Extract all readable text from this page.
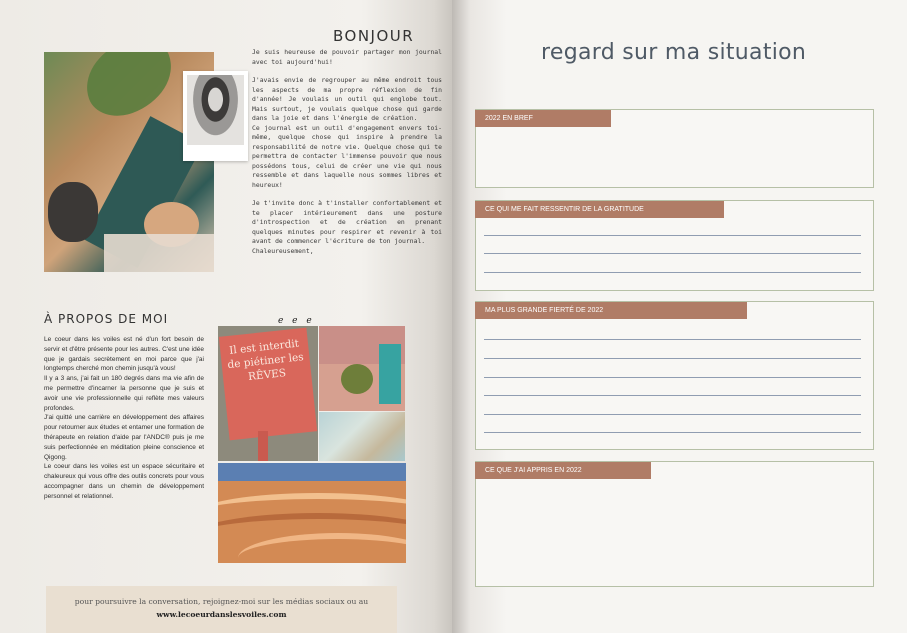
BONJOUR

Je suis heureuse de pouvoir partager mon journal avec toi aujourd'hui!

J'avais envie de regrouper au même endroit tous les aspects de ma propre réflexion de fin d'année! Je voulais un outil qui englobe tout. Mais surtout, je voulais quelque chose qui garde dans la joie et dans l'énergie de création.

Ce journal est un outil d'engagement envers toi-même, quelque chose qui inspire à prendre la responsabilité de notre vie. Quelque chose qui te permettra de contacter l'immense pouvoir que nous possédons tous, celui de créer une vie qui nous ressemble et dans laquelle nous sommes libres et heureux!

Je t'invite donc à t'installer confortablement et te placer intérieurement dans une posture d'introspection et de création en prenant quelques minutes pour respirer et revenir à toi avant de commencer l'écriture de ton journal.

Chaleureusement,

e e e
À PROPOS DE MOI

Le coeur dans les voiles est né d'un fort besoin de servir et d'être présente pour les autres. C'est une idée que je gardais secrètement en moi parce que j'ai longtemps cherché mon chemin jusqu'à vous!

Il y a 3 ans, j'ai fait un 180 degrés dans ma vie afin de me permettre d'incarner la personne que je suis et avoir une vie professionnelle qui reflète mes valeurs profondes.

J'ai quitté une carrière en développement des affaires pour retourner aux études et entamer une formation de thérapeute en relation d'aide par l'ANDC® puis je me suis perfectionnée en méditation pleine conscience et Qigong.

Le coeur dans les voiles est un espace sécuritaire et chaleureux qui vous offre des outils concrets pour vous accompagner dans un chemin de développement personnel et relationnel.

Il est interdit de piétiner les RÊVES
pour poursuivre la conversation, rejoignez-moi sur les médias sociaux ou au
www.lecoeurdanslesvoiles.com
regard sur ma situation
2022 EN BREF
CE QUI ME FAIT RESSENTIR DE LA GRATITUDE
MA PLUS GRANDE FIERTÉ DE 2022
CE QUE J'AI APPRIS EN 2022
